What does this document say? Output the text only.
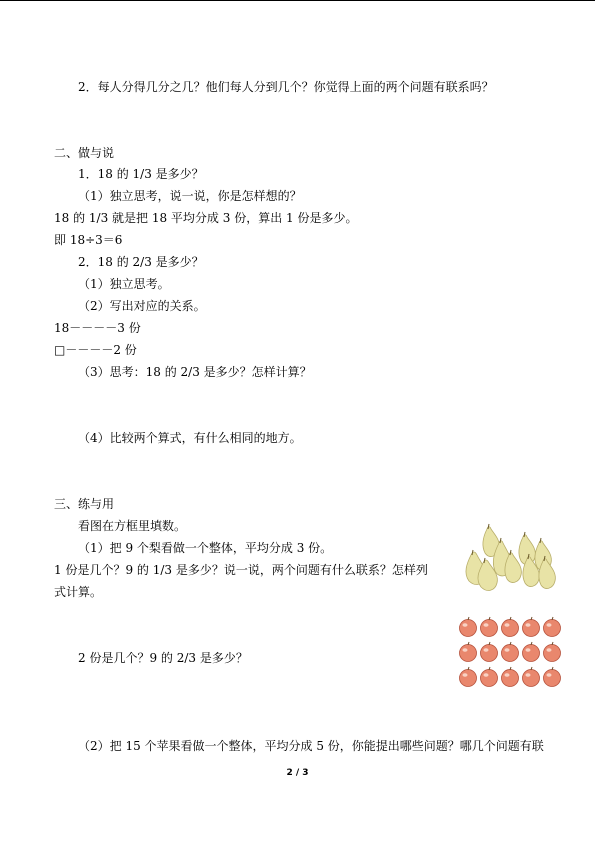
2．每人分得几分之几？他们每人分到几个？你觉得上面的两个问题有联系吗？
二、做与说
1．18 的 1/3 是多少？
（1）独立思考，说一说，你是怎样想的？
18 的 1/3 就是把 18 平均分成 3 份，算出 1 份是多少。
即 18÷3＝6
2．18 的 2/3 是多少？
（1）独立思考。
（2）写出对应的关系。
18－－－－3 份
□－－－－2 份
（3）思考：18 的 2/3 是多少？怎样计算？
（4）比较两个算式，有什么相同的地方。
三、练与用
看图在方框里填数。
（1）把 9 个梨看做一个整体，平均分成 3 份。
1 份是几个？9 的 1/3 是多少？说一说，两个问题有什么联系？怎样列
式计算。
2 份是几个？9 的 2/3 是多少？
（2）把 15 个苹果看做一个整体，平均分成 5 份，你能提出哪些问题？哪几个问题有联
2 / 3
